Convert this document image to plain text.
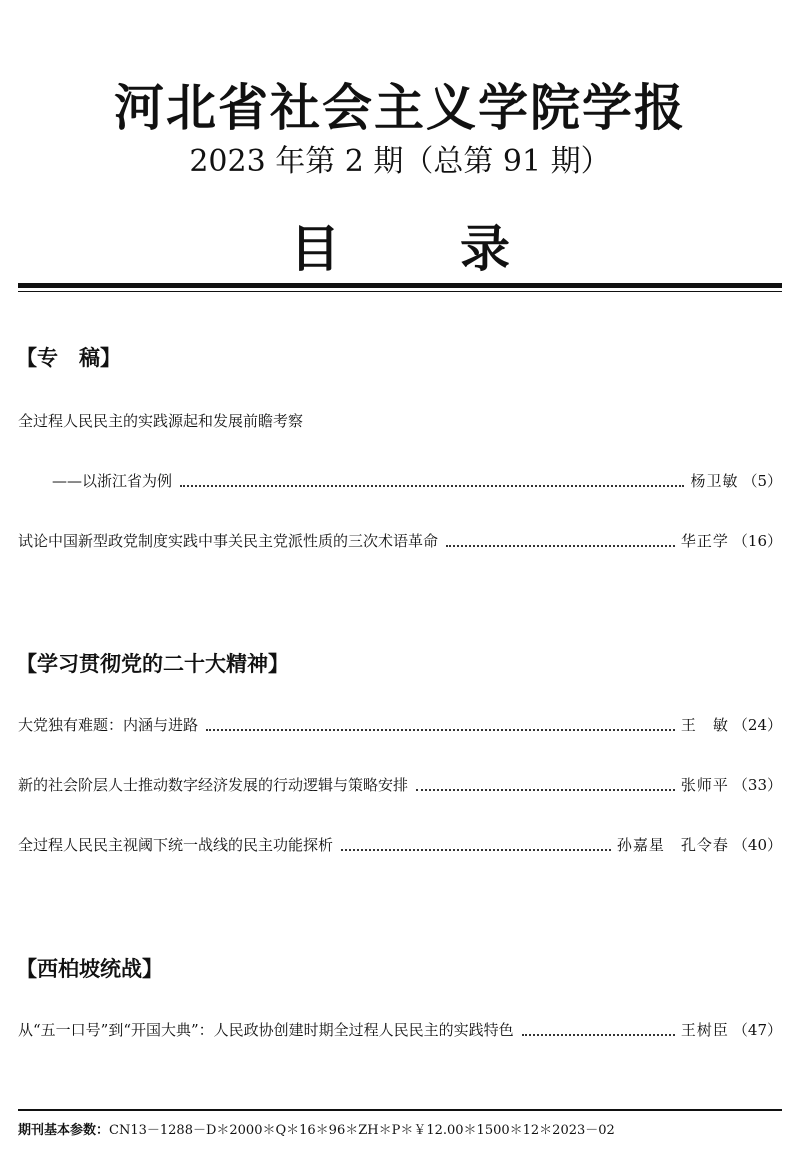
河北省社会主义学院学报
2023 年第 2 期（总第 91 期）
目 录
【专　稿】
全过程人民民主的实践源起和发展前瞻考察
——以浙江省为例	杨卫敏 （5）
试论中国新型政党制度实践中事关民主党派性质的三次术语革命	华正学 （16）
【学习贯彻党的二十大精神】
大党独有难题：内涵与进路	王　敏 （24）
新的社会阶层人士推动数字经济发展的行动逻辑与策略安排	张师平 （33）
全过程人民民主视阈下统一战线的民主功能探析	孙嘉星　孔令春 （40）
【西柏坡统战】
从“五一口号”到“开国大典”：人民政协创建时期全过程人民民主的实践特色	王树臣 （47）
期刊基本参数：CN13－1288－D＊2000＊Q＊16＊96＊ZH＊P＊￥12.00＊1500＊12＊2023－02
